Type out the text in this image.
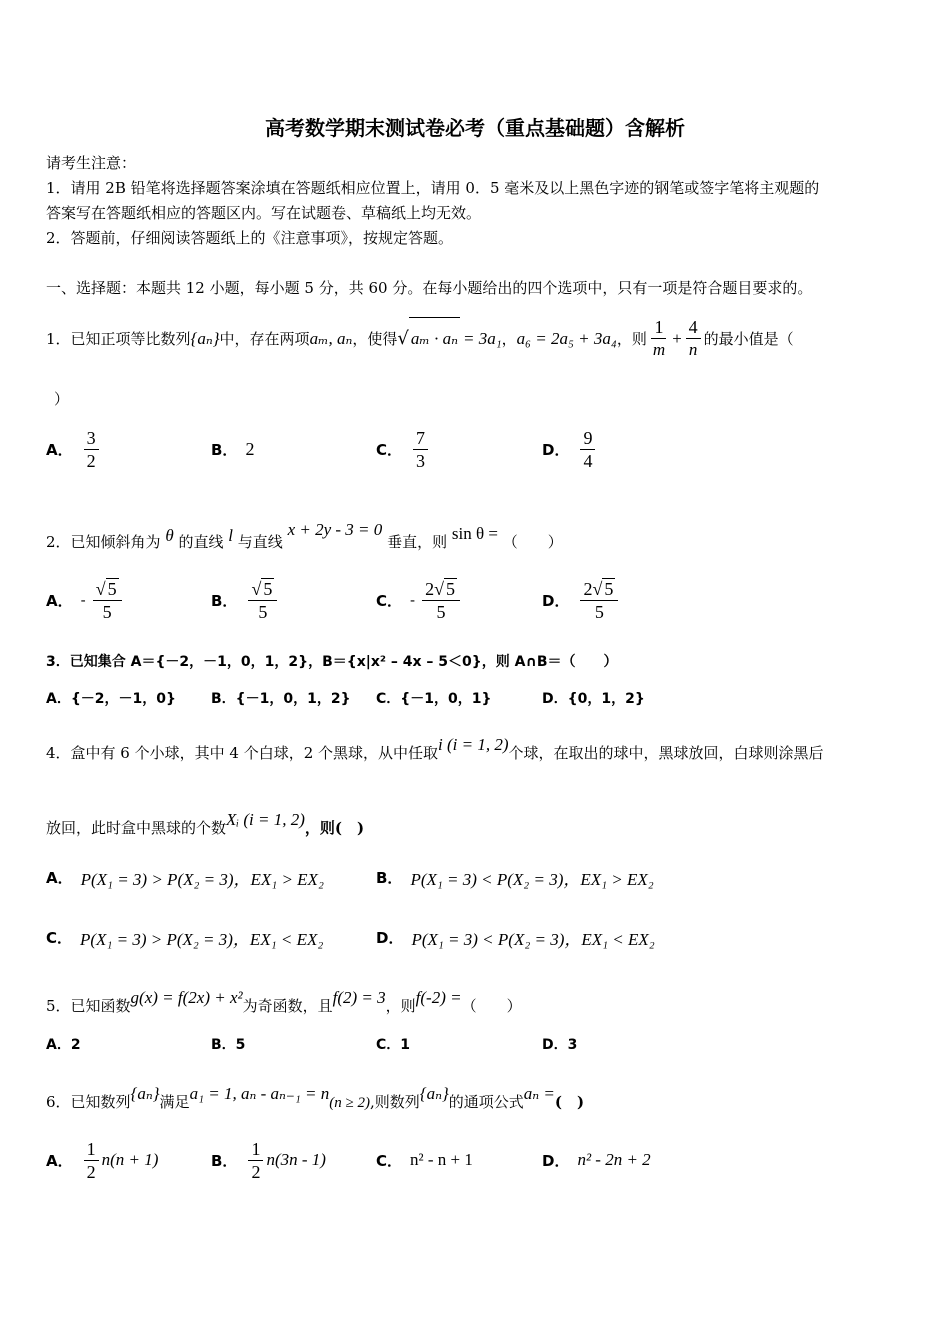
高考数学期末测试卷必考（重点基础题）含解析
请考生注意：
1．请用 2B 铅笔将选择题答案涂填在答题纸相应位置上，请用 0．5 毫米及以上黑色字迹的钢笔或签字笔将主观题的
答案写在答题纸相应的答题区内。写在试题卷、草稿纸上均无效。
2．答题前，仔细阅读答题纸上的《注意事项》，按规定答题。
一、选择题：本题共 12 小题，每小题 5 分，共 60 分。在每小题给出的四个选项中，只有一项是符合题目要求的。
1．已知正项等比数列 {aₙ} 中，存在两项 aₘ, aₙ ，使得 √ aₘ · aₙ = 3a₁ ， a₆ = 2a₅ + 3a₄ ，则 $\frac{1}{m} + \frac{4}{n}$ 的最小值是（
）
A． $\frac{3}{2}$	B． 2	C． $\frac{7}{3}$	D． $\frac{9}{4}$
2．已知倾斜角为 θ 的直线 l 与直线 x + 2y - 3 = 0 垂直，则 sin θ = （　　）
A． - $\frac{√ 5}{5}$	B． $\frac{√ 5}{5}$	C． - $\frac{2√ 5}{5}$	D． $\frac{2√ 5}{5}$
3．已知集合 A＝{－2，－1，0，1，2}，B＝{x|x² – 4x – 5＜0}，则 A∩B＝（　　）
A．{－2，－1，0} B．{－1，0，1，2} C．{－1，0，1}	D．{0，1，2}
4．盒中有 6 个小球，其中 4 个白球，2 个黑球，从中任取i (i = 1, 2)个球，在取出的球中，黑球放回，白球则涂黑后
放回，此时盒中黑球的个数Xᵢ (i = 1, 2)，则(　)
A． P(X₁ = 3) > P(X₂ = 3)，EX₁ > EX₂	B． P(X₁ = 3) < P(X₂ = 3)，EX₁ > EX₂
C． P(X₁ = 3) > P(X₂ = 3)，EX₁ < EX₂	D． P(X₁ = 3) < P(X₂ = 3)，EX₁ < EX₂
5．已知函数g(x) = f(2x) + x²为奇函数，且f(2) = 3，则f(-2) =（　　）
A．2	B．5	C．1	D．3
6．已知数列{aₙ}满足a₁ = 1, aₙ - aₙ₋₁ = n(n ≥ 2),则数列{aₙ}的通项公式aₙ =(　)
A． $\frac{1}{2} n(n + 1)$	B． $\frac{1}{2} n(3n - 1)$	C． n² - n + 1	D． n² - 2n + 2
